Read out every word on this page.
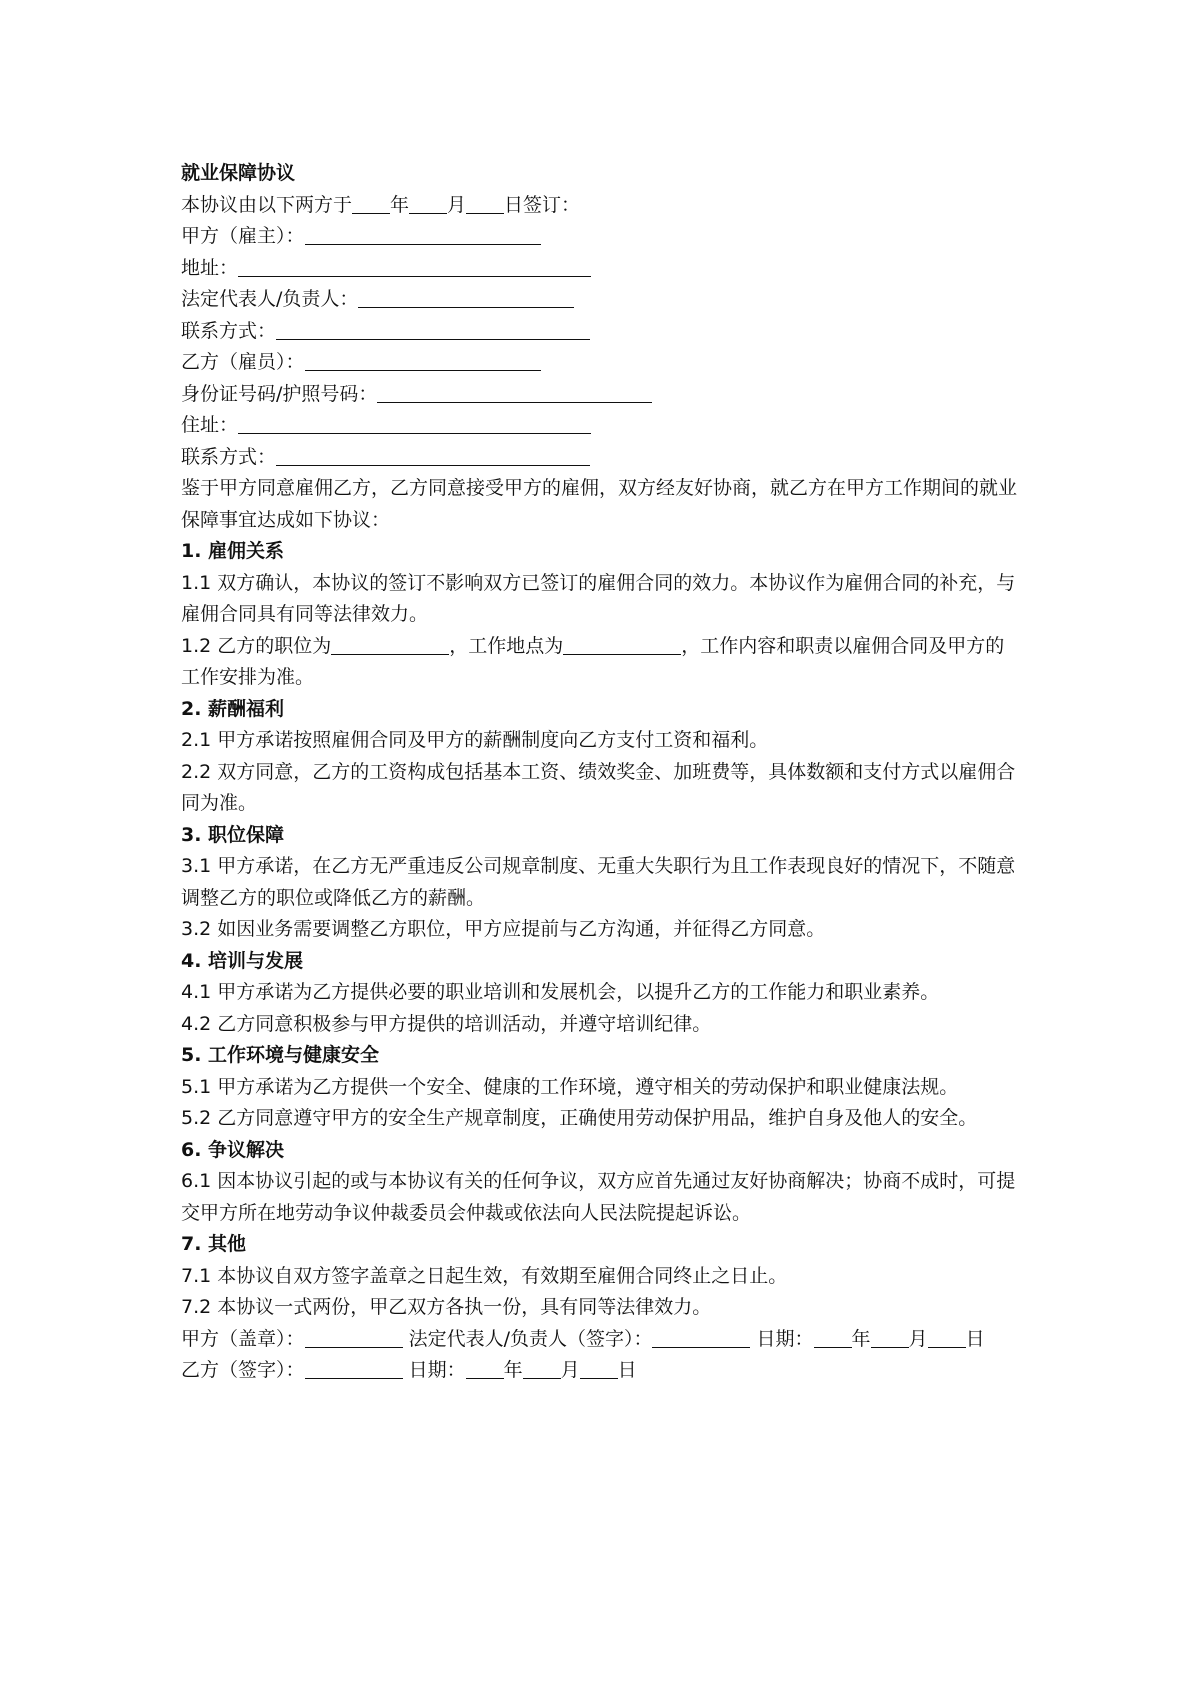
就业保障协议

本协议由以下两方于 年 月 日签订：

甲方（雇主）：

地址：

法定代表人/负责人：

联系方式：

乙方（雇员）：

身份证号码/护照号码：

住址：

联系方式：

鉴于甲方同意雇佣乙方，乙方同意接受甲方的雇佣，双方经友好协商，就乙方在甲方工作期间的就业保障事宜达成如下协议：

1. 雇佣关系

1.1 双方确认，本协议的签订不影响双方已签订的雇佣合同的效力。本协议作为雇佣合同的补充，与雇佣合同具有同等法律效力。

1.2 乙方的职位为	，工作地点为	，工作内容和职责以雇佣合同及甲方的工作安排为准。

2. 薪酬福利

2.1 甲方承诺按照雇佣合同及甲方的薪酬制度向乙方支付工资和福利。

2.2 双方同意，乙方的工资构成包括基本工资、绩效奖金、加班费等，具体数额和支付方式以雇佣合同为准。

3. 职位保障

3.1 甲方承诺，在乙方无严重违反公司规章制度、无重大失职行为且工作表现良好的情况下，不随意调整乙方的职位或降低乙方的薪酬。

3.2 如因业务需要调整乙方职位，甲方应提前与乙方沟通，并征得乙方同意。

4. 培训与发展

4.1 甲方承诺为乙方提供必要的职业培训和发展机会，以提升乙方的工作能力和职业素养。

4.2 乙方同意积极参与甲方提供的培训活动，并遵守培训纪律。

5. 工作环境与健康安全

5.1 甲方承诺为乙方提供一个安全、健康的工作环境，遵守相关的劳动保护和职业健康法规。

5.2 乙方同意遵守甲方的安全生产规章制度，正确使用劳动保护用品，维护自身及他人的安全。

6. 争议解决

6.1 因本协议引起的或与本协议有关的任何争议，双方应首先通过友好协商解决；协商不成时，可提交甲方所在地劳动争议仲裁委员会仲裁或依法向人民法院提起诉讼。

7. 其他

7.1 本协议自双方签字盖章之日起生效，有效期至雇佣合同终止之日止。

7.2 本协议一式两份，甲乙双方各执一份，具有同等法律效力。

甲方（盖章）：	法定代表人/负责人（签字）：	日期： 年 月 日

乙方（签字）：	日期： 年 月 日
